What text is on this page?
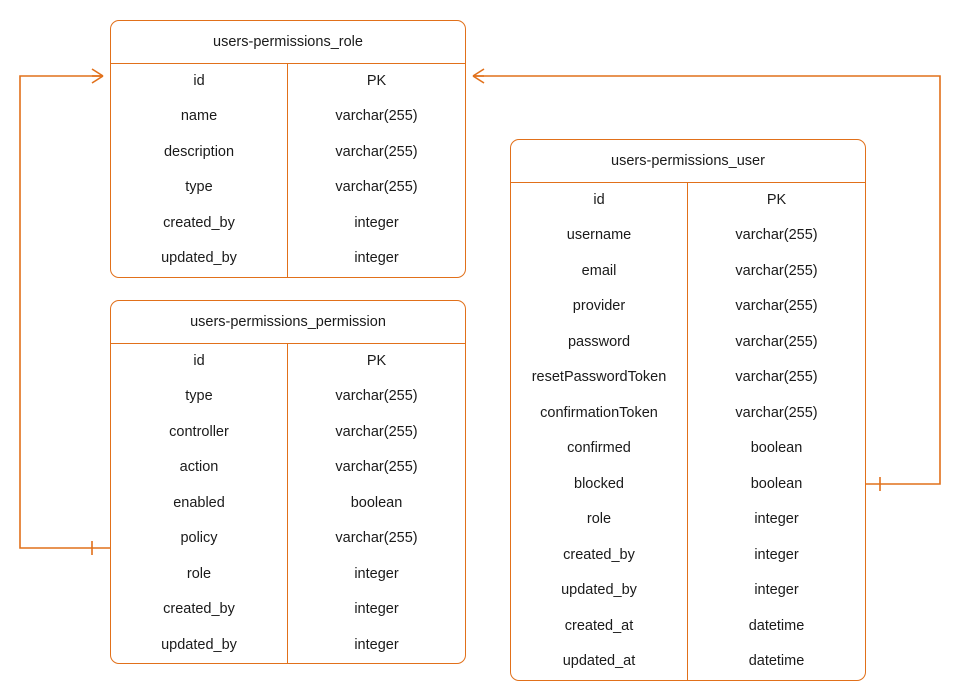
users-permissions_role
id	PK
name	varchar(255)
description	varchar(255)
type	varchar(255)
created_by	integer
updated_by	integer
users-permissions_permission
id	PK
type	varchar(255)
controller	varchar(255)
action	varchar(255)
enabled	boolean
policy	varchar(255)
role	integer
created_by	integer
updated_by	integer
users-permissions_user
id	PK
username	varchar(255)
email	varchar(255)
provider	varchar(255)
password	varchar(255)
resetPasswordToken	varchar(255)
confirmationToken	varchar(255)
confirmed	boolean
blocked	boolean
role	integer
created_by	integer
updated_by	integer
created_at	datetime
updated_at	datetime
